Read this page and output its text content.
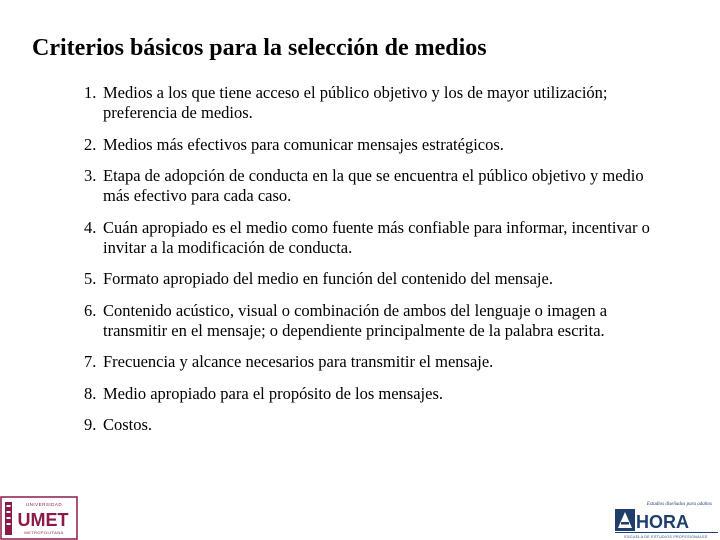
Criterios básicos para la selección de medios
1. Medios a los que tiene acceso el público objetivo y los de mayor utilización; preferencia de medios.
2. Medios más efectivos para comunicar mensajes estratégicos.
3. Etapa de adopción de conducta en la que se encuentra el público objetivo y medio más efectivo para cada caso.
4. Cuán apropiado es el medio como fuente más confiable para informar, incentivar o invitar a la modificación de conducta.
5. Formato apropiado del medio en función del contenido del mensaje.
6. Contenido acústico, visual o combinación de ambos del lenguaje o imagen a transmitir en el mensaje; o dependiente principalmente de la palabra escrita.
7. Frecuencia y alcance necesarios para transmitir el mensaje.
8. Medio apropiado para el propósito de los mensajes.
9. Costos.
UNIVERSIDAD
UMET
METROPOLITANA
Estudios diseñados para adultos
HORA
ESCUELA DE ESTUDIOS PROFESIONALES
